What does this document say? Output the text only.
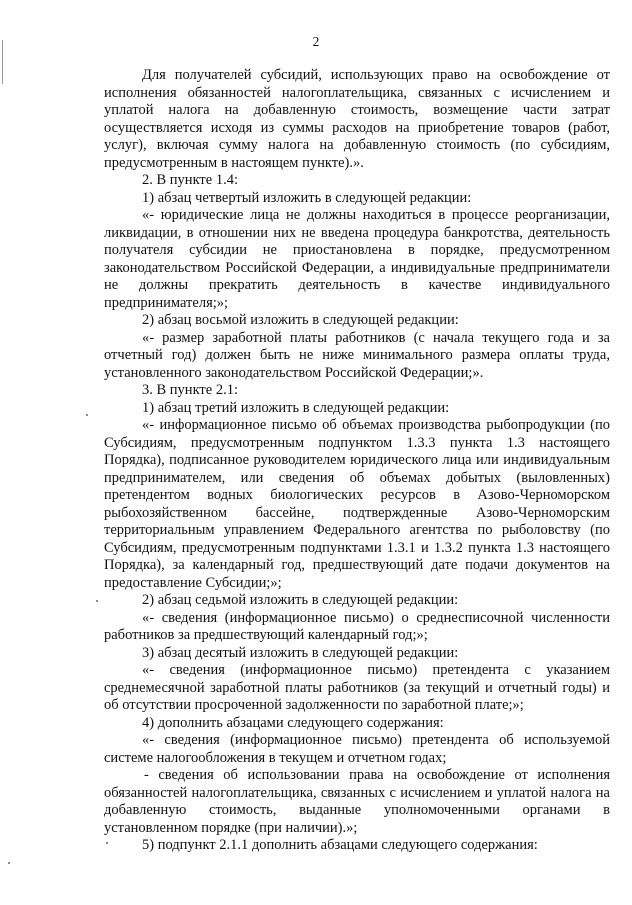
2

Для получателей субсидий, использующих право на освобождение от исполнения обязанностей налогоплательщика, связанных с исчислением и уплатой налога на добавленную стоимость, возмещение части затрат осуществляется исходя из суммы расходов на приобретение товаров (работ, услуг), включая сумму налога на добавленную стоимость (по субсидиям, предусмотренным в настоящем пункте).».

2. В пункте 1.4:

1) абзац четвертый изложить в следующей редакции:

«- юридические лица не должны находиться в процессе реорганизации, ликвидации, в отношении них не введена процедура банкротства, деятельность получателя субсидии не приостановлена в порядке, предусмотренном законодательством Российской Федерации, а индивидуальные предприниматели не должны прекратить деятельность в качестве индивидуального предпринимателя;»;

2) абзац восьмой изложить в следующей редакции:

«- размер заработной платы работников (с начала текущего года и за отчетный год) должен быть не ниже минимального размера оплаты труда, установленного законодательством Российской Федерации;».

3. В пункте 2.1:

1) абзац третий изложить в следующей редакции:

«- информационное письмо об объемах производства рыбопродукции (по Субсидиям, предусмотренным подпунктом 1.3.3 пункта 1.3 настоящего Порядка), подписанное руководителем юридического лица или индивидуальным предпринимателем, или сведения об объемах добытых (выловленных) претендентом водных биологических ресурсов в Азово-Черноморском рыбохозяйственном бассейне, подтвержденные Азово-Черноморским территориальным управлением Федерального агентства по рыболовству (по Субсидиям, предусмотренным подпунктами 1.3.1 и 1.3.2 пункта 1.3 настоящего Порядка), за календарный год, предшествующий дате подачи документов на предоставление Субсидии;»;

2) абзац седьмой изложить в следующей редакции:

«- сведения (информационное письмо) о среднесписочной численности работников за предшествующий календарный год;»;

3) абзац десятый изложить в следующей редакции:

«- сведения (информационное письмо) претендента с указанием среднемесячной заработной платы работников (за текущий и отчетный годы) и об отсутствии просроченной задолженности по заработной плате;»;

4) дополнить абзацами следующего содержания:

«- сведения (информационное письмо) претендента об используемой системе налогообложения в текущем и отчетном годах;

- сведения об использовании права на освобождение от исполнения обязанностей налогоплательщика, связанных с исчислением и уплатой налога на добавленную стоимость, выданные уполномоченными органами в установленном порядке (при наличии).»;

5) подпункт 2.1.1 дополнить абзацами следующего содержания:
